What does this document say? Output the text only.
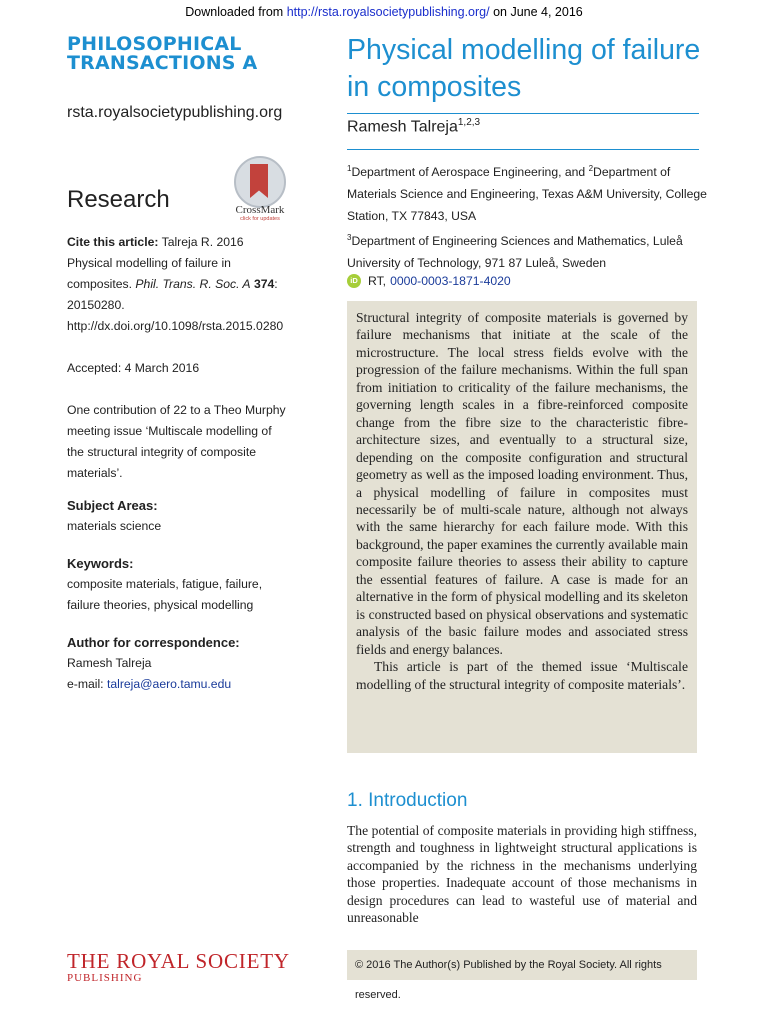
Downloaded from http://rsta.royalsocietypublishing.org/ on June 4, 2016
PHILOSOPHICAL
TRANSACTIONS A
rsta.royalsocietypublishing.org
Research	CrossMark
click for updates
Cite this article: Talreja R. 2016 Physical modelling of failure in composites. Phil. Trans. R. Soc. A 374: 20150280.
http://dx.doi.org/10.1098/rsta.2015.0280
Accepted: 4 March 2016
One contribution of 22 to a Theo Murphy meeting issue ‘Multiscale modelling of the structural integrity of composite materials’.
Subject Areas:
materials science
Keywords:
composite materials, fatigue, failure,
failure theories, physical modelling
Author for correspondence:
Ramesh Talreja
e-mail: talreja@aero.tamu.edu
Physical modelling of failure in composites
Ramesh Talreja$^{1,2,3}$
$^1$Department of Aerospace Engineering, and $^2$Department of Materials Science and Engineering, Texas A&M University, College Station, TX 77843, USA
$^3$Department of Engineering Sciences and Mathematics, Luleå University of Technology, 971 87 Luleå, Sweden
iD RT, 0000-0003-1871-4020

Structural integrity of composite materials is governed by failure mechanisms that initiate at the scale of the microstructure. The local stress fields evolve with the progression of the failure mechanisms. Within the full span from initiation to criticality of the failure mechanisms, the governing length scales in a fibre-reinforced composite change from the fibre size to the characteristic fibre-architecture sizes, and eventually to a structural size, depending on the composite configuration and structural geometry as well as the imposed loading environment. Thus, a physical modelling of failure in composites must necessarily be of multi-scale nature, although not always with the same hierarchy for each failure mode. With this background, the paper examines the currently available main composite failure theories to assess their ability to capture the essential features of failure. A case is made for an alternative in the form of physical modelling and its skeleton is constructed based on physical observations and systematic analysis of the basic failure modes and associated stress fields and energy balances.

This article is part of the themed issue ‘Multiscale modelling of the structural integrity of composite materials’.

1. Introduction

The potential of composite materials in providing high stiffness, strength and toughness in lightweight structural applications is accompanied by the richness in the mechanisms underlying those properties. Inadequate account of those mechanisms in design procedures can lead to wasteful use of material and unreasonable

© 2016 The Author(s) Published by the Royal Society. All rights reserved.
THE ROYAL SOCIETY
PUBLISHING
